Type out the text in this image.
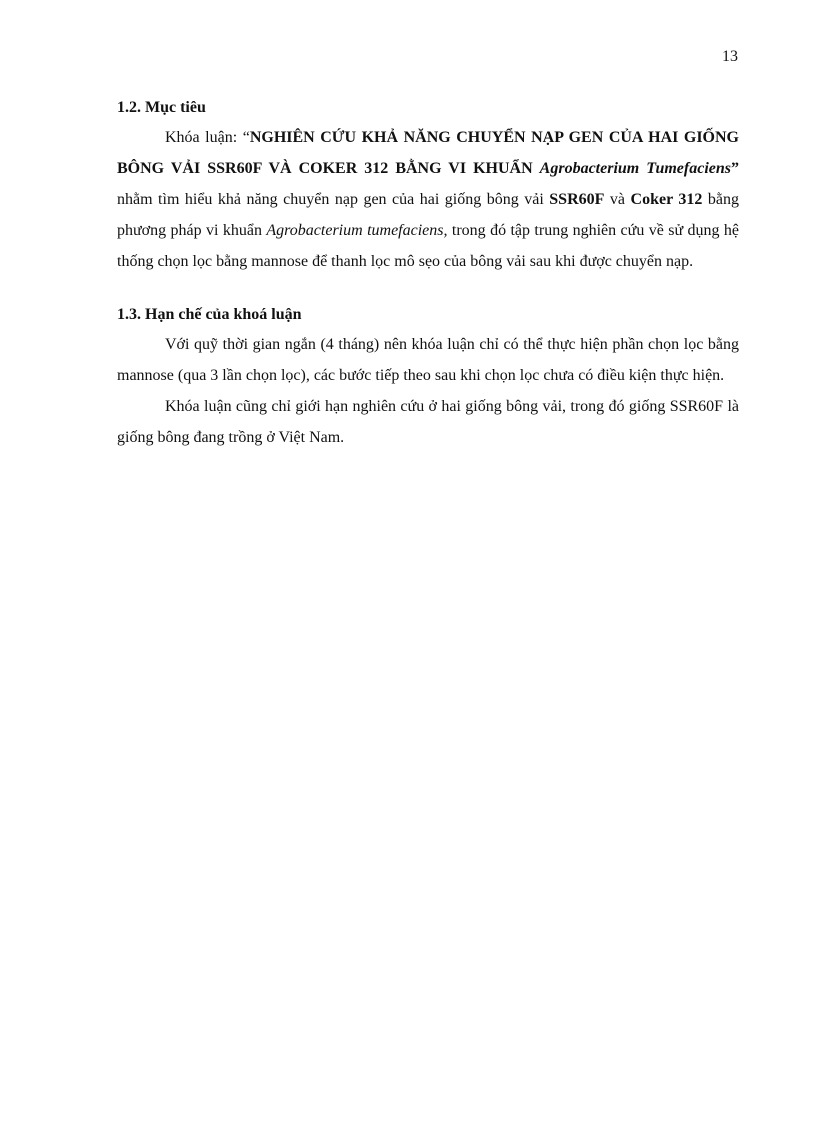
13
1.2. Mục tiêu

Khóa luận: “NGHIÊN CỨU KHẢ NĂNG CHUYỂN NẠP GEN CỦA HAI GIỐNG BÔNG VẢI SSR60F VÀ COKER 312 BẰNG VI KHUẨN Agrobacterium Tumefaciens” nhằm tìm hiểu khả năng chuyển nạp gen của hai giống bông vải SSR60F và Coker 312 bằng phương pháp vi khuẩn Agrobacterium tumefaciens, trong đó tập trung nghiên cứu về sử dụng hệ thống chọn lọc bằng mannose để thanh lọc mô sẹo của bông vải sau khi được chuyển nạp.

1.3. Hạn chế của khoá luận

Với quỹ thời gian ngắn (4 tháng) nên khóa luận chỉ có thể thực hiện phần chọn lọc bằng mannose (qua 3 lần chọn lọc), các bước tiếp theo sau khi chọn lọc chưa có điều kiện thực hiện.

Khóa luận cũng chỉ giới hạn nghiên cứu ở hai giống bông vải, trong đó giống SSR60F là giống bông đang trồng ở Việt Nam.
